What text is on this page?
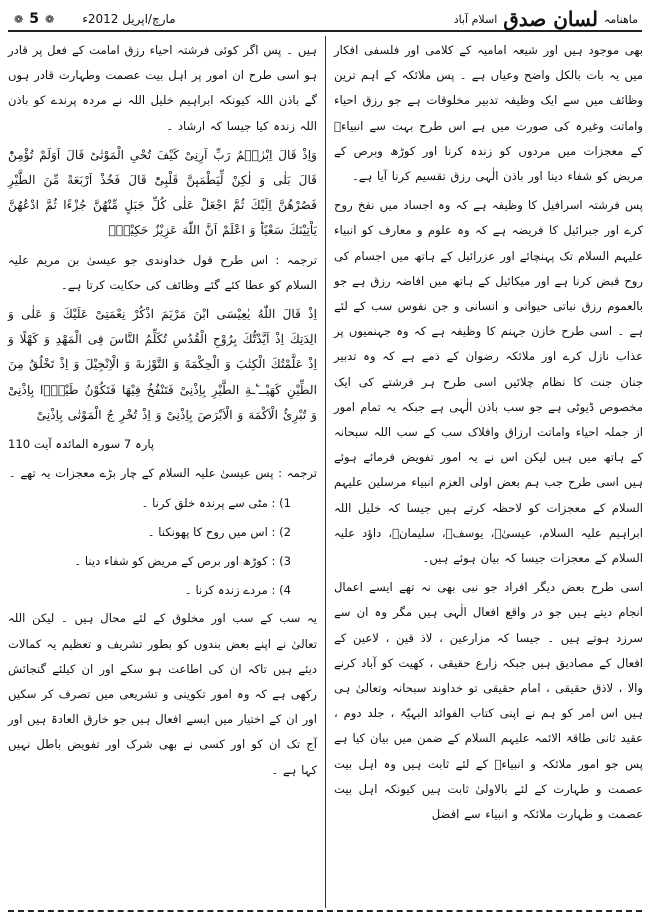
ماھنامہ
لسان صدق
اسلام آباد
مارچ/اپریل 2012ء
❁
5
❁

بھی موجود ہیں اور شیعہ امامیہ کے کلامی اور فلسفی افکار میں یہ بات بالکل واضح وعیاں ہے ۔ پس ملائکہ کے اہم ترین وظائف میں سے ایک وظیفہ تدبیر مخلوقات ہے جو رزق احیاء واماتت وغیرہ کی صورت میں ہے اس طرح بہت سے انبیاءؑ کے معجزات میں مردوں کو زندہ کرنا اور کوڑھ وبرص کے مریض کو شفاء دینا اور باذن الٰہی رزق تقسیم کرنا آیا ہے۔

پس فرشتہ اسرافیل کا وظیفہ ہے کہ وہ اجساد میں نفخ روح کرے اور جبرائیل کا فریضہ ہے کہ وہ علوم و معارف کو انبیاء علیہم السلام تک پہنچائے اور عزرائیل کے ہاتھ میں اجسام کی روح قبض کرنا ہے اور میکائیل کے ہاتھ میں افاضہ رزق ہے جو بالعموم رزق نباتی حیوانی و انسانی و جن نفوس سب کے لئے ہے ۔ اسی طرح خازن جہنم کا وظیفہ ہے کہ وہ جہنمیوں پر عذاب نازل کرے اور ملائکہ رضوان کے ذمے ہے کہ وہ تدبیر جنان جنت کا نظام چلائیں اسی طرح ہر فرشتے کی ایک مخصوص ڈیوٹی ہے جو سب باذن الٰہی ہے جبکہ یہ تمام امور از جملہ احیاء واماتت ارزاق وافلاک سب کے سب اللہ سبحانہ کے ہاتھ میں ہیں لیکن اس نے یہ امور تفویض فرمائے ہوئے ہیں اسی طرح جب ہم بعض اولی العزم انبیاء مرسلین علیہم السلام کے معجزات کو لاحظہ کرتے ہیں جیسا کہ خلیل اللہ ابراہیم علیہ السلام، عیسیٰؑ، یوسفؑ، سلیمانؑ، داؤد علیہ السلام کے معجزات جیسا کہ بیان ہوئے ہیں۔

اسی طرح بعض دیگر افراد جو نبی بھی نہ تھے ایسے اعمال انجام دیتے ہیں جو در واقع افعال الٰہی ہیں مگر وہ ان سے سرزد ہوتے ہیں ۔ جیسا کہ مزارعین ، لاذ قین ، لاعین کے افعال کے مصادیق ہیں جبکہ زارع حقیقی ، کھیت کو آباد کرنے والا ، لاذق حقیقی ، امام حقیقی تو خداوند سبحانہ وتعالیٰ ہی ہیں اس امر کو ہم نے اپنی کتاب الفوائد البہیّۃ ، جلد دوم ، عقید ثانی طاقۃ الائمہ علیہم السلام کے ضمن میں بیان کیا ہے پس جو امور ملائکہ و انبیاءؑ کے لئے ثابت ہیں وہ اہل بیت عصمت و طہارت کے لئے بالاولیٰ ثابت ہیں کیونکہ اہل بیت عصمت و طہارت ملائکہ و انبیاء سے افضل

ہیں ۔ پس اگر کوئی فرشتہ احیاء رزق امامت کے فعل پر قادر ہو اسی طرح ان امور پر اہل بیت عصمت وطہارت قادر ہوں گے باذن اللہ کیونکہ ابراہیم خلیل اللہ نے مردہ پرندے کو باذن اللہ زندہ کیا جیسا کہ ارشاد ۔

وَاِذْ قَالَ اِبْرٰهٖمُ رَبِّ اَرِنِیْ كَیْفَ تُحْیِ الْمَوْتٰىؕ قَالَ اَوَلَمْ تُؤْمِنْؕ قَالَ بَلٰى وَ لٰكِنْ لِّیَطْمَىٕنَّ قَلْبِیْؕ قَالَ فَخُذْ اَرْبَعَةً مِّنَ الطَّیْرِ فَصُرْهُنَّ اِلَیْكَ ثُمَّ اجْعَلْ عَلٰى كُلِّ جَبَلٍ مِّنْهُنَّ جُزْءًا ثُمَّ ادْعُهُنَّ یَاْتِیْنَكَ سَعْیًاؕ وَ اعْلَمْ اَنَّ اللّٰهَ عَزِیْزٌ حَكِیْمٌ۠

ترجمہ : اس طرح قول خداوندی جو عیسیٰ بن مریم علیہ السلام کو عطا کئے گئے وظائف کی حکایت کرتا ہے۔

اِذْ قَالَ اللّٰهُ یٰعِیْسَى ابْنَ مَرْیَمَ اذْكُرْ نِعْمَتِیْ عَلَیْكَ وَ عَلٰى وَ الِدَتِكَ اِذْ اَیَّدْتُّكَ بِرُوْحِ الْقُدُسِ تُكَلِّمُ النَّاسَ فِی الْمَهْدِ وَ كَهْلًا وَ اِذْ عَلَّمْتُكَ الْكِتٰبَ وَ الْحِكْمَةَ وَ التَّوْرٰىةَ وَ الْاِنْجِیْلَ وَ اِذْ تَخْلُقُ مِنَ الطِّیْنِ كَهَیْــٴَـةِ الطَّیْرِ بِاِذْنِیْ فَتَنْفُخُ فِیْهَا فَتَكُوْنُ طَیْرًۢا بِاِذْنِیْ وَ تُبْرِئُ الْاَكْمَهَ وَ الْاَبْرَصَ بِاِذْنِیْ وَ اِذْ تُخْرِ جُ الْمَوْتٰى بِاِذْنِیْ

پارہ 7 سورہ المائدہ آیت 110

ترجمہ : پس عیسیٰ علیہ السلام کے چار بڑے معجزات یہ تھے ۔

1) : مٹی سے پرندہ خلق کرنا ۔
2) : اس میں روح کا پھونکنا ۔
3) : کوڑھ اور برص کے مریض کو شفاء دینا ۔
4) : مردے زندہ کرنا ۔

یہ سب کے سب اور مخلوق کے لئے محال ہیں ۔ لیکن اللہ تعالیٰ نے اپنے بعض بندوں کو بطور تشریف و تعظیم یہ کمالات دیئے ہیں تاکہ ان کی اطاعت ہو سکے اور ان کیلئے گنجائش رکھی ہے کہ وہ امور تکوینی و تشریعی میں تصرف کر سکیں اور ان کے اختیار میں ایسے افعال ہیں جو خارق العادۃ ہیں اور آج تک ان کو اور کسی نے بھی شرک اور تفویض باطل نہیں کہا ہے ۔
